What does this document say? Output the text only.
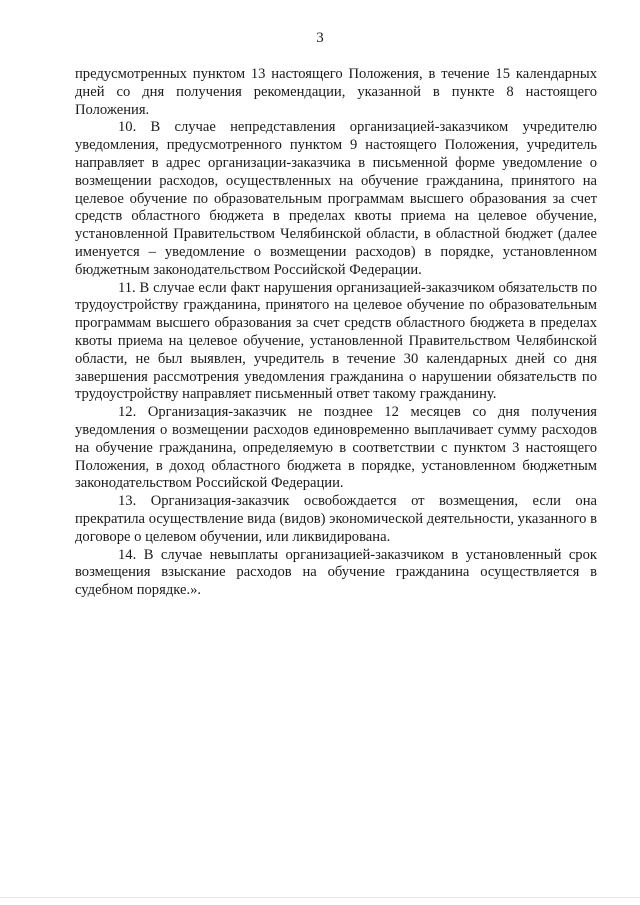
3

предусмотренных пунктом 13 настоящего Положения, в течение 15 календарных дней со дня получения рекомендации, указанной в пункте 8 настоящего Положения.

10. В случае непредставления организацией-заказчиком учредителю уведомления, предусмотренного пунктом 9 настоящего Положения, учредитель направляет в адрес организации-заказчика в письменной форме уведомление о возмещении расходов, осуществленных на обучение гражданина, принятого на целевое обучение по образовательным программам высшего образования за счет средств областного бюджета в пределах квоты приема на целевое обучение, установленной Правительством Челябинской области, в областной бюджет (далее именуется – уведомление о возмещении расходов) в порядке, установленном бюджетным законодательством Российской Федерации.

11. В случае если факт нарушения организацией-заказчиком обязательств по трудоустройству гражданина, принятого на целевое обучение по образовательным программам высшего образования за счет средств областного бюджета в пределах квоты приема на целевое обучение, установленной Правительством Челябинской области, не был выявлен, учредитель в течение 30 календарных дней со дня завершения рассмотрения уведомления гражданина о нарушении обязательств по трудоустройству направляет письменный ответ такому гражданину.

12. Организация-заказчик не позднее 12 месяцев со дня получения уведомления о возмещении расходов единовременно выплачивает сумму расходов на обучение гражданина, определяемую в соответствии с пунктом 3 настоящего Положения, в доход областного бюджета в порядке, установленном бюджетным законодательством Российской Федерации.

13. Организация-заказчик освобождается от возмещения, если она прекратила осуществление вида (видов) экономической деятельности, указанного в договоре о целевом обучении, или ликвидирована.

14. В случае невыплаты организацией-заказчиком в установленный срок возмещения взыскание расходов на обучение гражданина осуществляется в судебном порядке.».
